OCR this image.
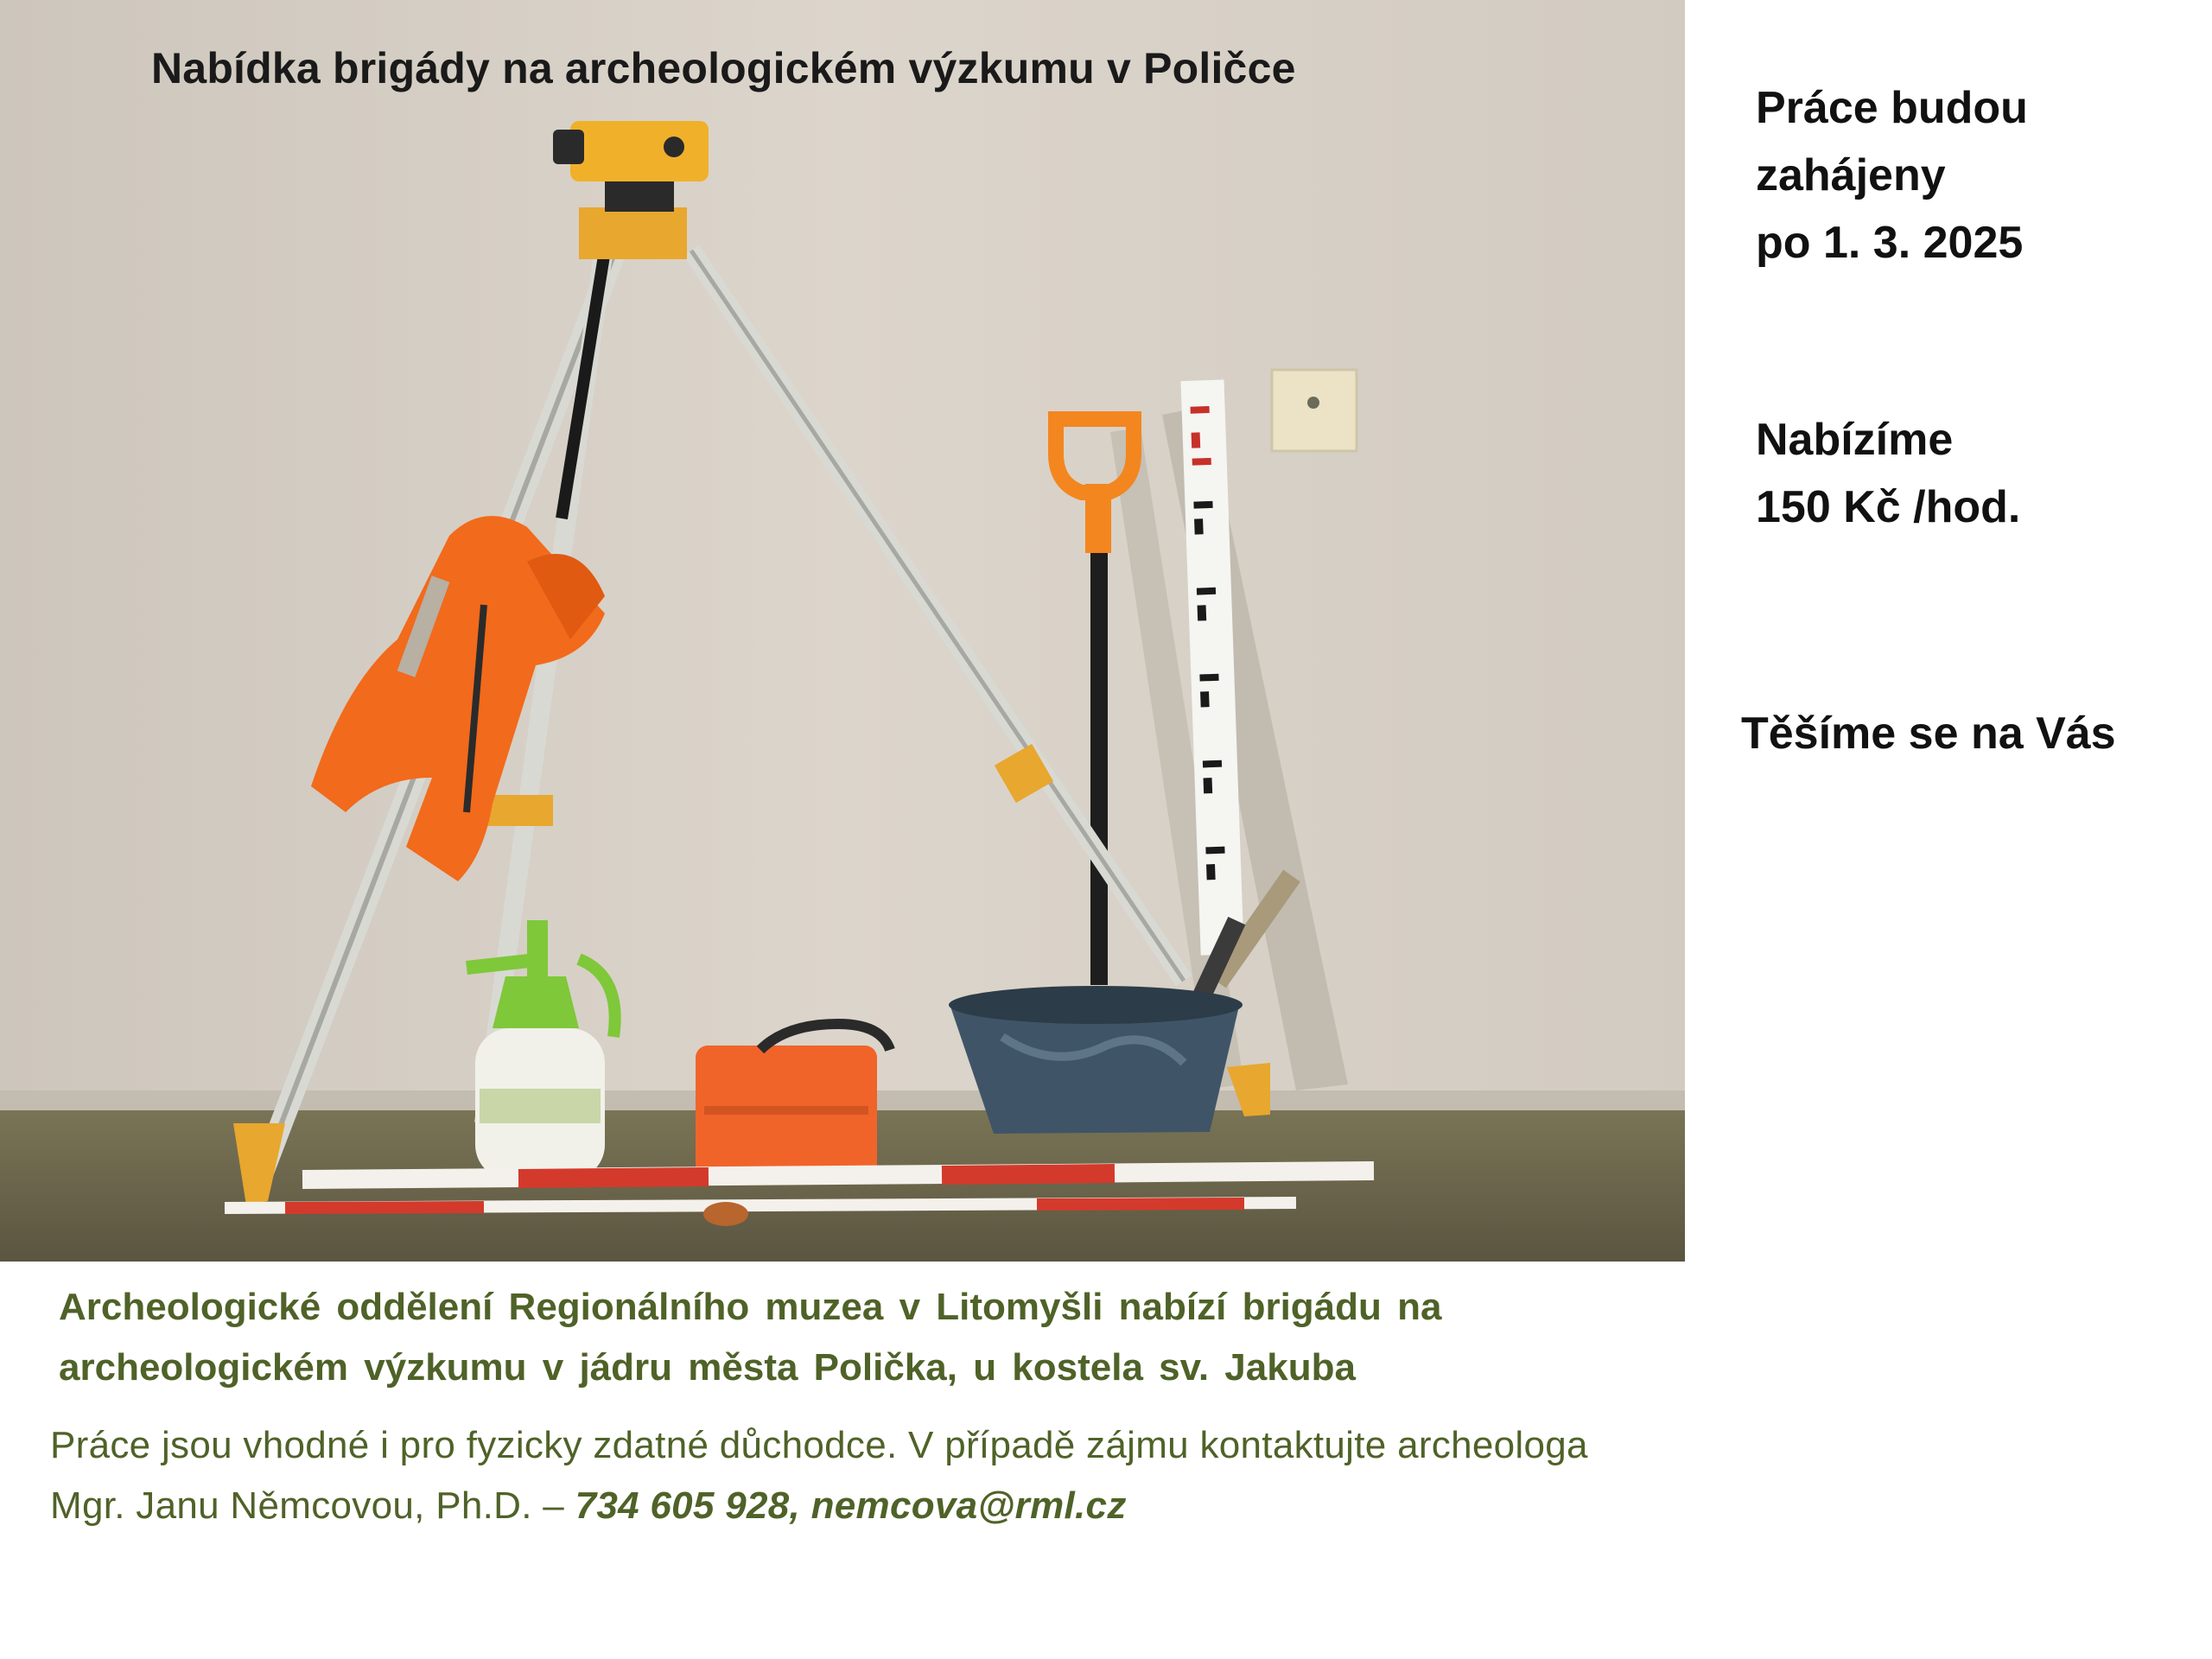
Nabídka brigády na archeologickém výzkumu v Poličce

Práce budou
zahájeny
po 1. 3. 2025
Nabízíme
150 Kč /hod.
Těšíme se na Vás
Archeologické oddělení Regionálního muzea v Litomyšli nabízí brigádu na
archeologickém výzkumu v jádru města Polička, u kostela sv. Jakuba
Práce jsou vhodné i pro fyzicky zdatné důchodce. V případě zájmu kontaktujte archeologa
Mgr. Janu Němcovou, Ph.D. – 734 605 928, nemcova@rml.cz
